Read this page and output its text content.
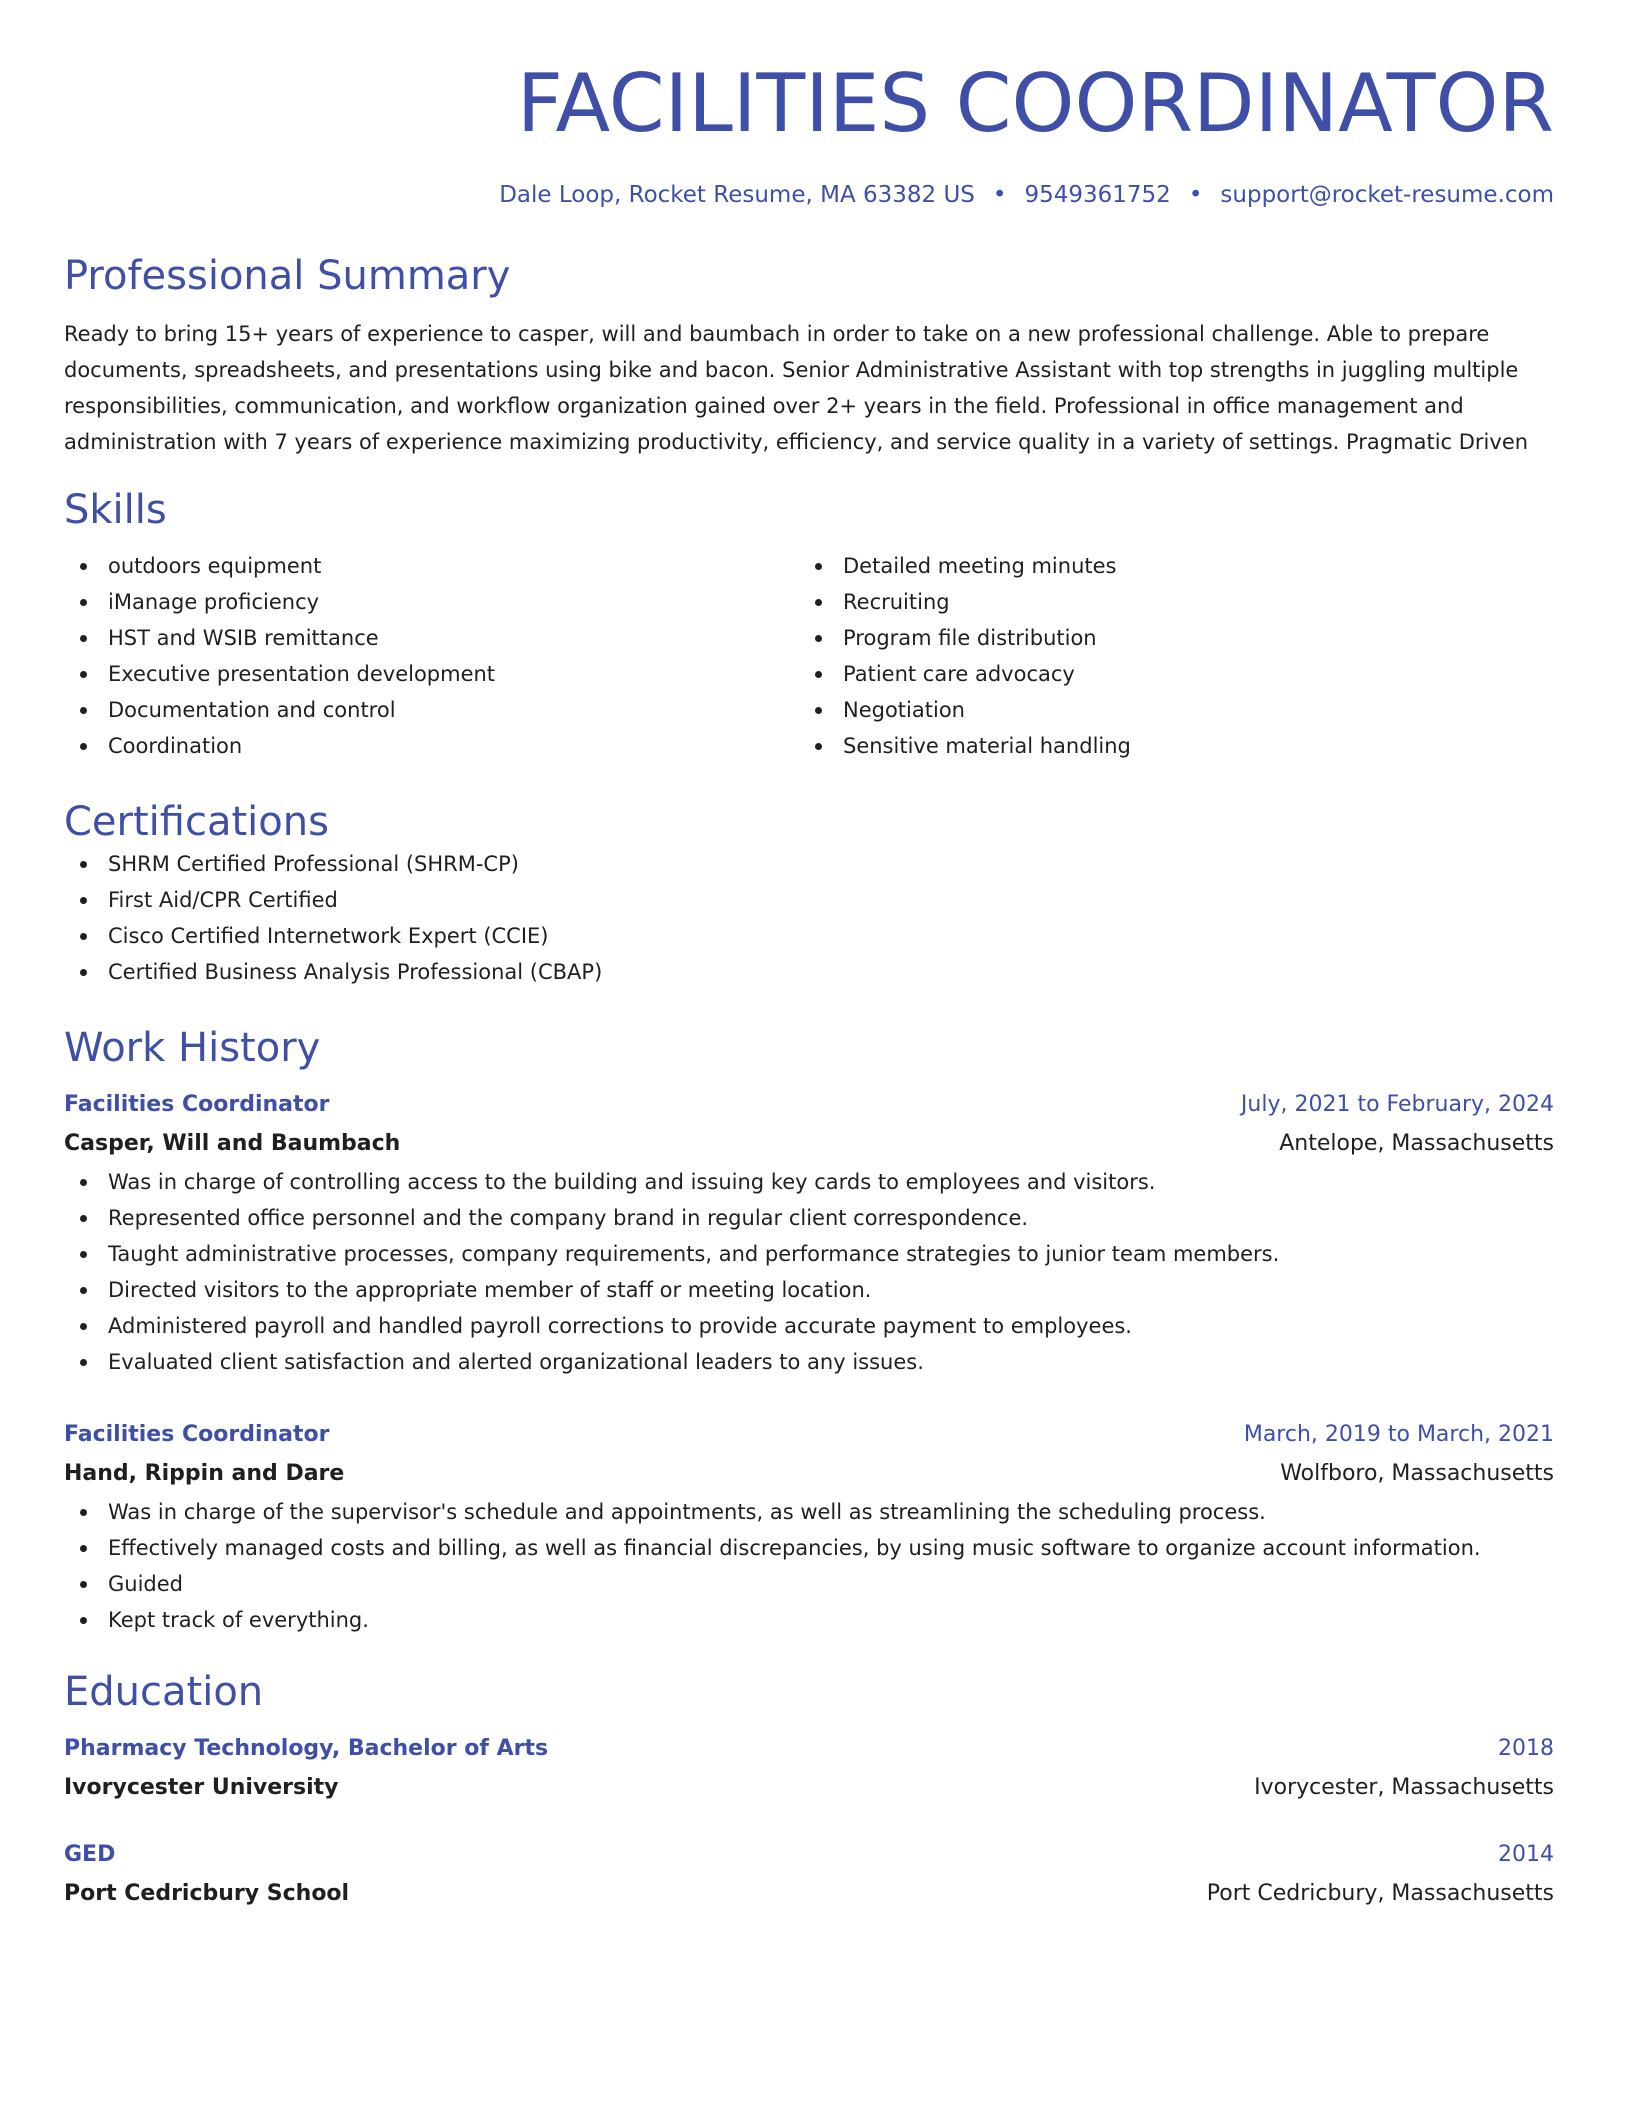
FACILITIES COORDINATOR
Dale Loop, Rocket Resume, MA 63382 US • 9549361752 • support@rocket-resume.com
Professional Summary
Ready to bring 15+ years of experience to casper, will and baumbach in order to take on a new professional challenge. Able to prepare documents, spreadsheets, and presentations using bike and bacon. Senior Administrative Assistant with top strengths in juggling multiple responsibilities, communication, and workflow organization gained over 2+ years in the field. Professional in office management and administration with 7 years of experience maximizing productivity, efficiency, and service quality in a variety of settings. Pragmatic Driven
Skills
outdoors equipment
iManage proficiency
HST and WSIB remittance
Executive presentation development
Documentation and control
Coordination
Detailed meeting minutes
Recruiting
Program file distribution
Patient care advocacy
Negotiation
Sensitive material handling
Certifications
SHRM Certified Professional (SHRM-CP)
First Aid/CPR Certified
Cisco Certified Internetwork Expert (CCIE)
Certified Business Analysis Professional (CBAP)
Work History
Facilities Coordinator	July, 2021 to February, 2024
Casper, Will and Baumbach	Antelope, Massachusetts
Was in charge of controlling access to the building and issuing key cards to employees and visitors.
Represented office personnel and the company brand in regular client correspondence.
Taught administrative processes, company requirements, and performance strategies to junior team members.
Directed visitors to the appropriate member of staff or meeting location.
Administered payroll and handled payroll corrections to provide accurate payment to employees.
Evaluated client satisfaction and alerted organizational leaders to any issues.
Facilities Coordinator	March, 2019 to March, 2021
Hand, Rippin and Dare	Wolfboro, Massachusetts
Was in charge of the supervisor's schedule and appointments, as well as streamlining the scheduling process.
Effectively managed costs and billing, as well as financial discrepancies, by using music software to organize account information.
Guided
Kept track of everything.
Education
Pharmacy Technology, Bachelor of Arts	2018
Ivorycester University	Ivorycester, Massachusetts
GED	2014
Port Cedricbury School	Port Cedricbury, Massachusetts
